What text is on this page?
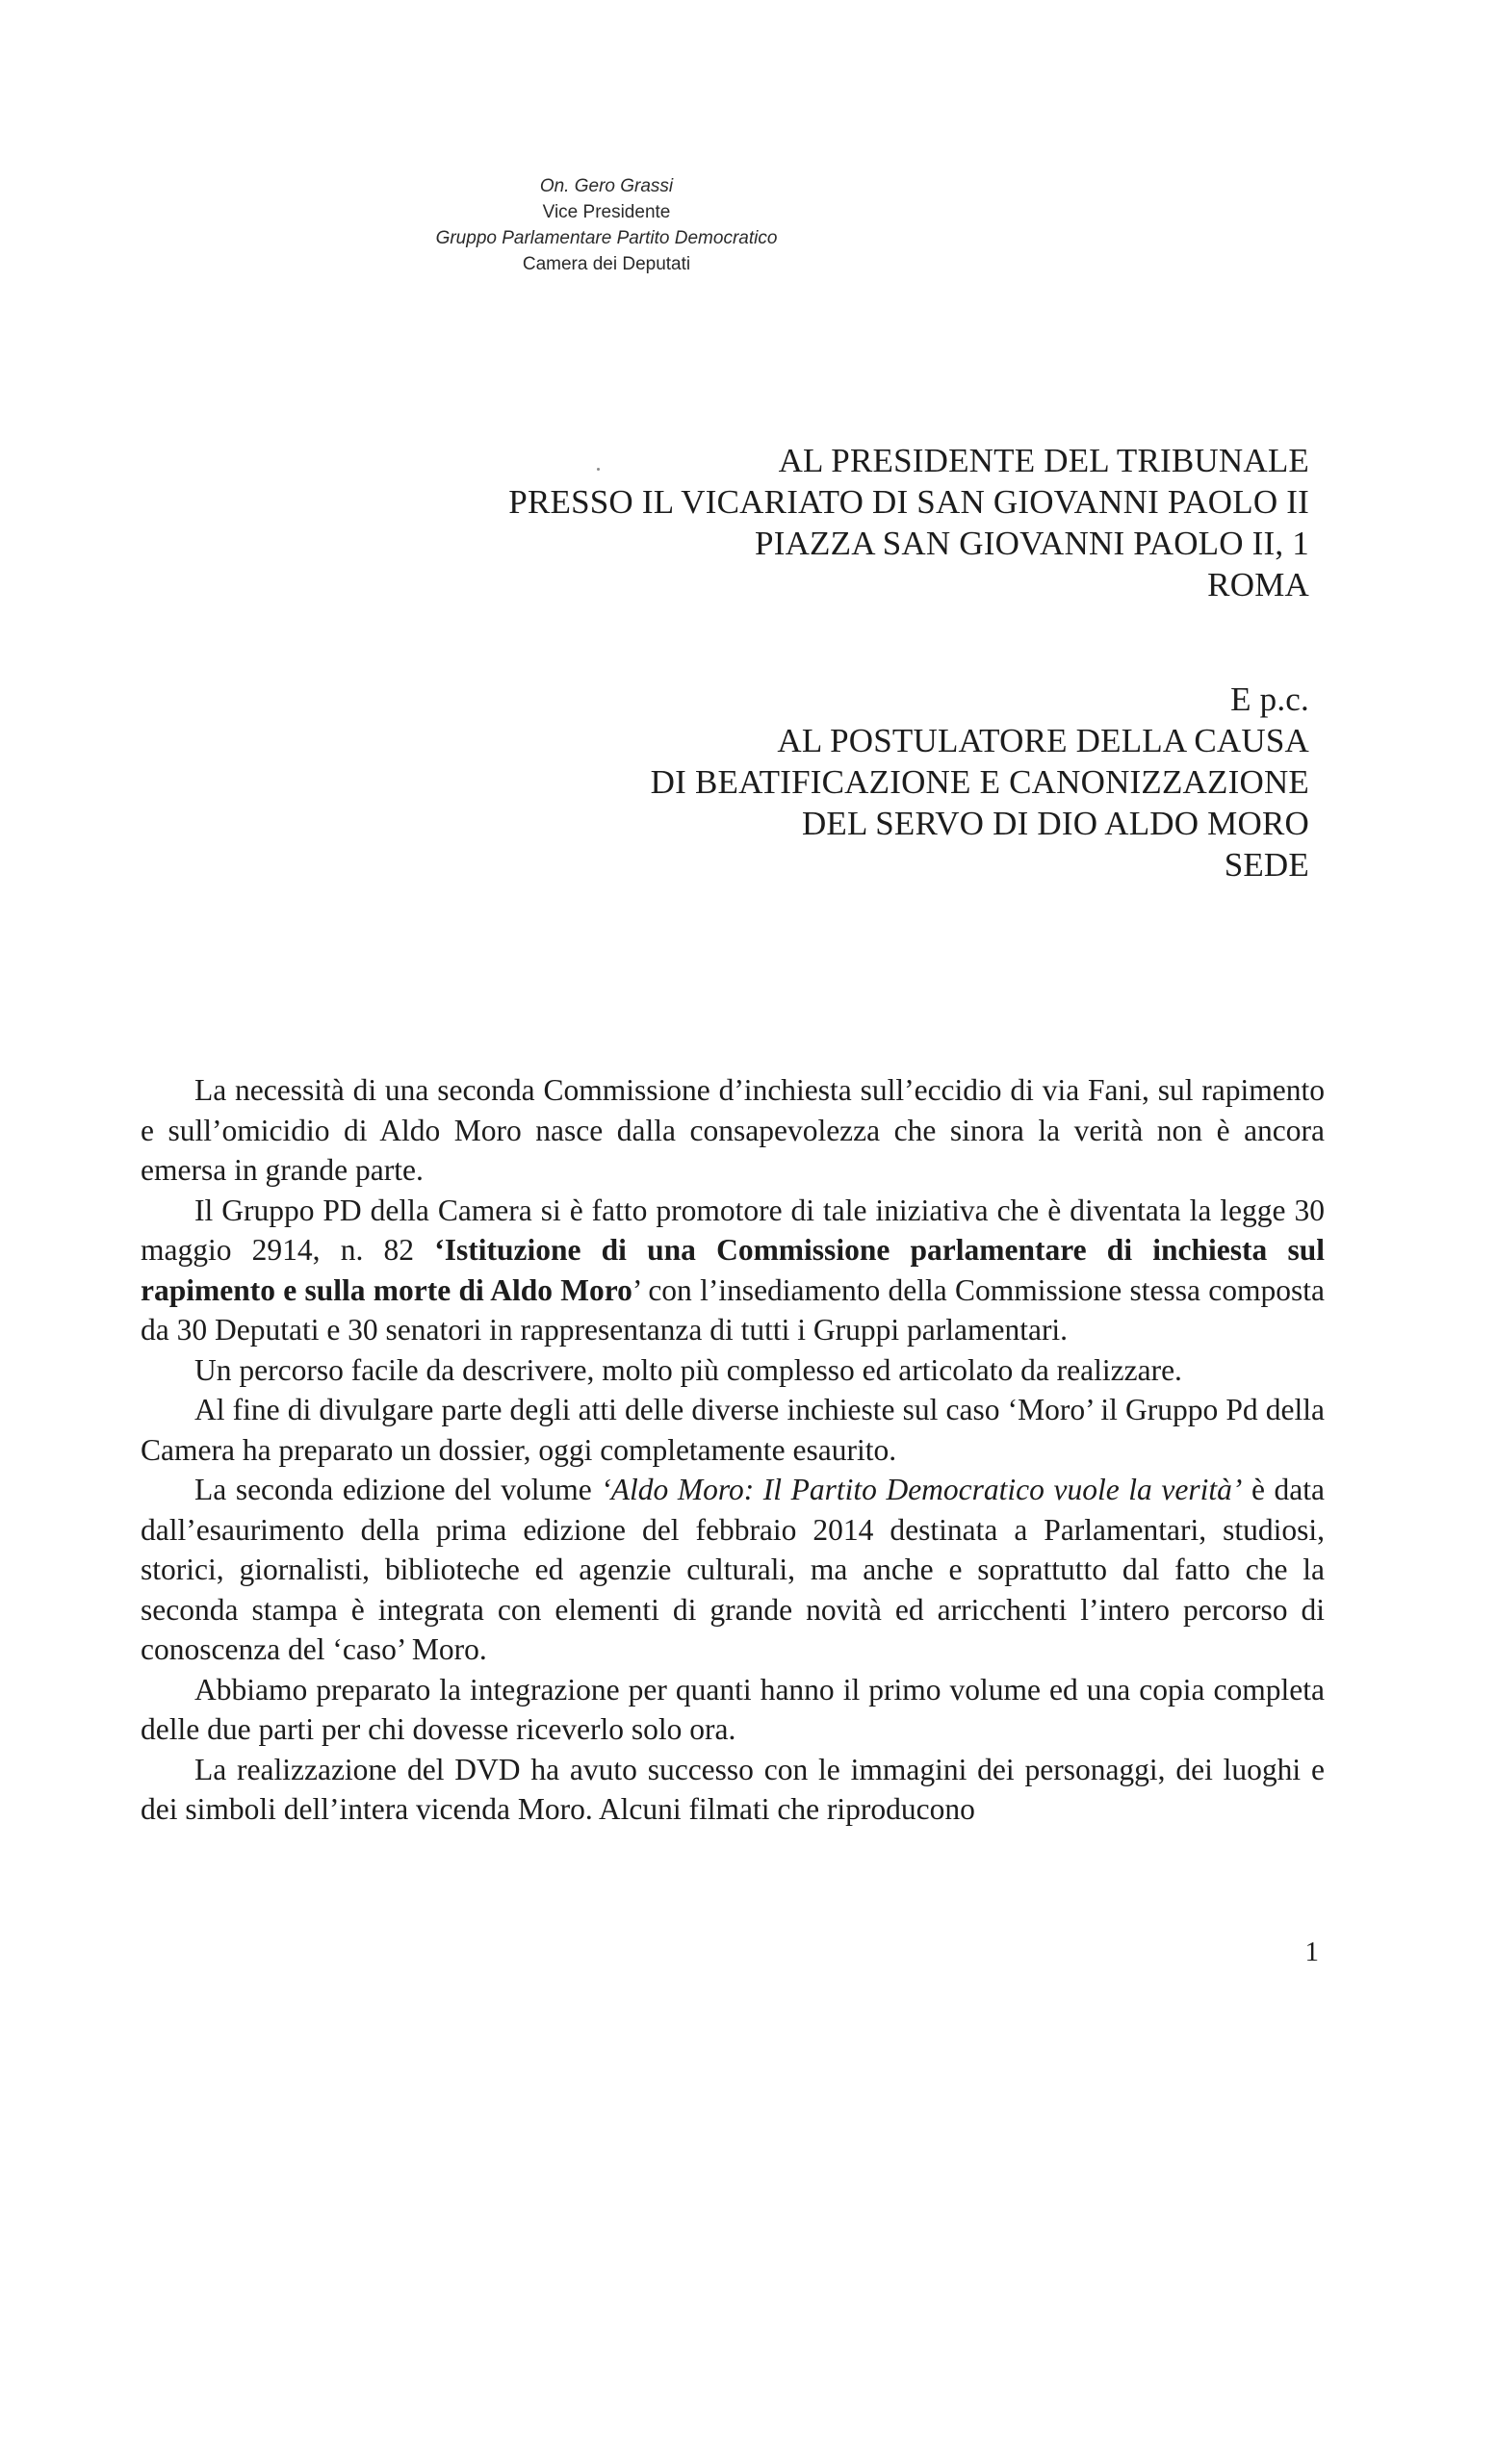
On. Gero Grassi
Vice Presidente
Gruppo Parlamentare Partito Democratico
Camera dei Deputati
AL PRESIDENTE DEL TRIBUNALE
PRESSO IL VICARIATO DI SAN GIOVANNI PAOLO II
PIAZZA SAN GIOVANNI PAOLO II, 1
ROMA
E p.c.
AL POSTULATORE DELLA CAUSA
DI BEATIFICAZIONE E CANONIZZAZIONE
DEL SERVO DI DIO ALDO MORO
SEDE

La necessità di una seconda Commissione d’inchiesta sull’eccidio di via Fani, sul rapimento e sull’omicidio di Aldo Moro nasce dalla consapevolezza che sinora la verità non è ancora emersa in grande parte.

Il Gruppo PD della Camera si è fatto promotore di tale iniziativa che è diventata la legge 30 maggio 2914, n. 82 ‘Istituzione di una Commissione parlamentare di inchiesta sul rapimento e sulla morte di Aldo Moro’ con l’insediamento della Commissione stessa composta da 30 Deputati e 30 senatori in rappresentanza di tutti i Gruppi parlamentari.

Un percorso facile da descrivere, molto più complesso ed articolato da realizzare.

Al fine di divulgare parte degli atti delle diverse inchieste sul caso ‘Moro’ il Gruppo Pd della Camera ha preparato un dossier, oggi completamente esaurito.

La seconda edizione del volume ‘Aldo Moro: Il Partito Democratico vuole la verità’ è data dall’esaurimento della prima edizione del febbraio 2014 destinata a Parlamentari, studiosi, storici, giornalisti, biblioteche ed agenzie culturali, ma anche e soprattutto dal fatto che la seconda stampa è integrata con elementi di grande novità ed arricchenti l’intero percorso di conoscenza del ‘caso’ Moro.

Abbiamo preparato la integrazione per quanti hanno il primo volume ed una copia completa delle due parti per chi dovesse riceverlo solo ora.

La realizzazione del DVD ha avuto successo con le immagini dei personaggi, dei luoghi e dei simboli dell’intera vicenda Moro. Alcuni filmati che riproducono

1
